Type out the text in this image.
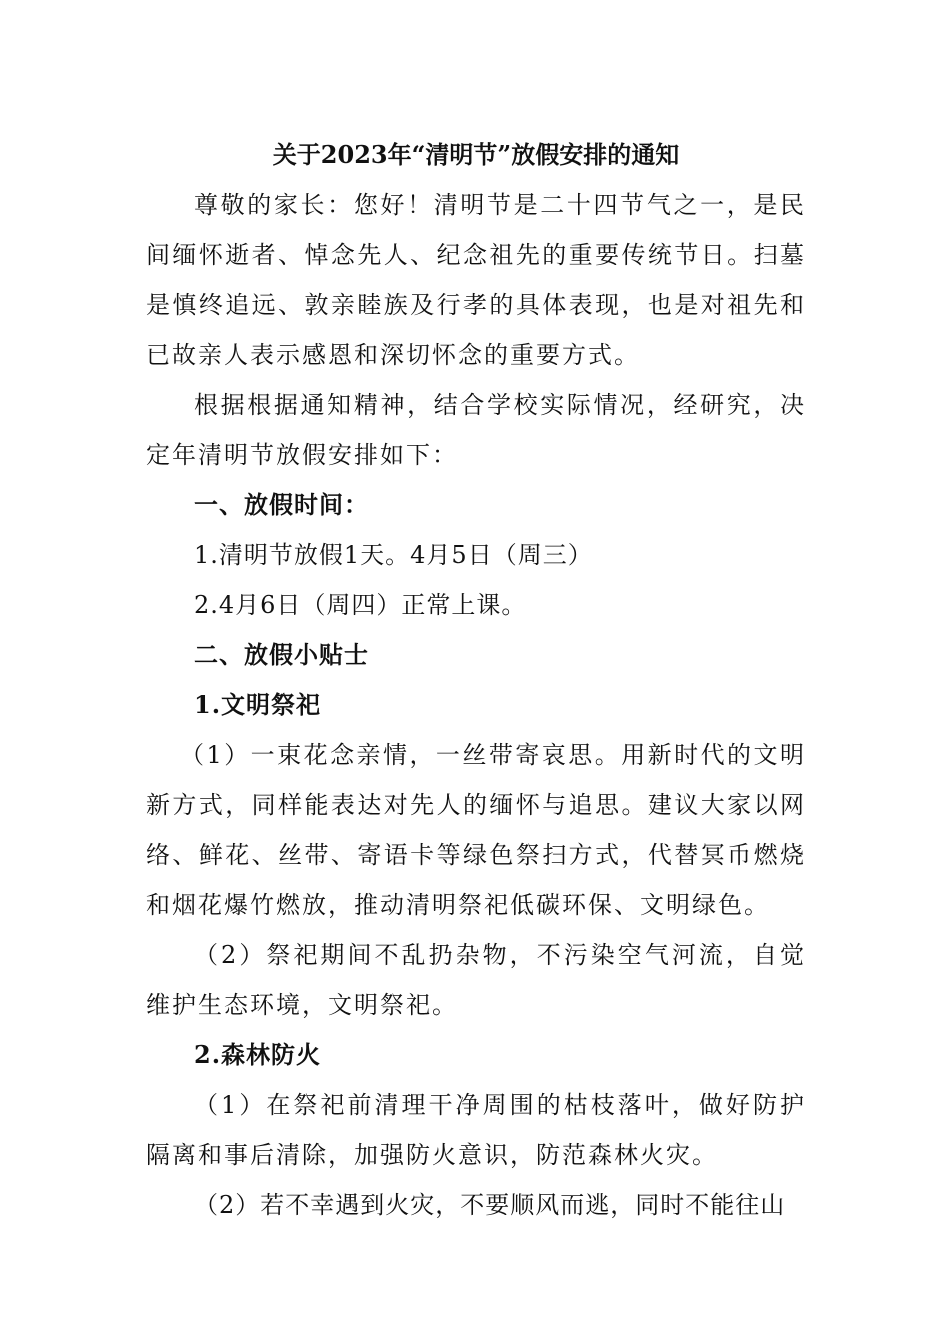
关于2023年“清明节”放假安排的通知

尊敬的家长：您好！清明节是二十四节气之一，是民间缅怀逝者、悼念先人、纪念祖先的重要传统节日。扫墓是慎终追远、敦亲睦族及行孝的具体表现，也是对祖先和已故亲人表示感恩和深切怀念的重要方式。

根据根据通知精神，结合学校实际情况，经研究，决定年清明节放假安排如下：

一、放假时间：

1.清明节放假1天。4月5日（周三）

2.4月6日（周四）正常上课。

二、放假小贴士

1.文明祭祀

（1）一束花念亲情，一丝带寄哀思。用新时代的文明新方式，同样能表达对先人的缅怀与追思。建议大家以网络、鲜花、丝带、寄语卡等绿色祭扫方式，代替冥币燃烧和烟花爆竹燃放，推动清明祭祀低碳环保、文明绿色。

（2）祭祀期间不乱扔杂物，不污染空气河流，自觉维护生态环境，文明祭祀。

2.森林防火

（1）在祭祀前清理干净周围的枯枝落叶，做好防护隔离和事后清除，加强防火意识，防范森林火灾。

（2）若不幸遇到火灾，不要顺风而逃，同时不能往山
